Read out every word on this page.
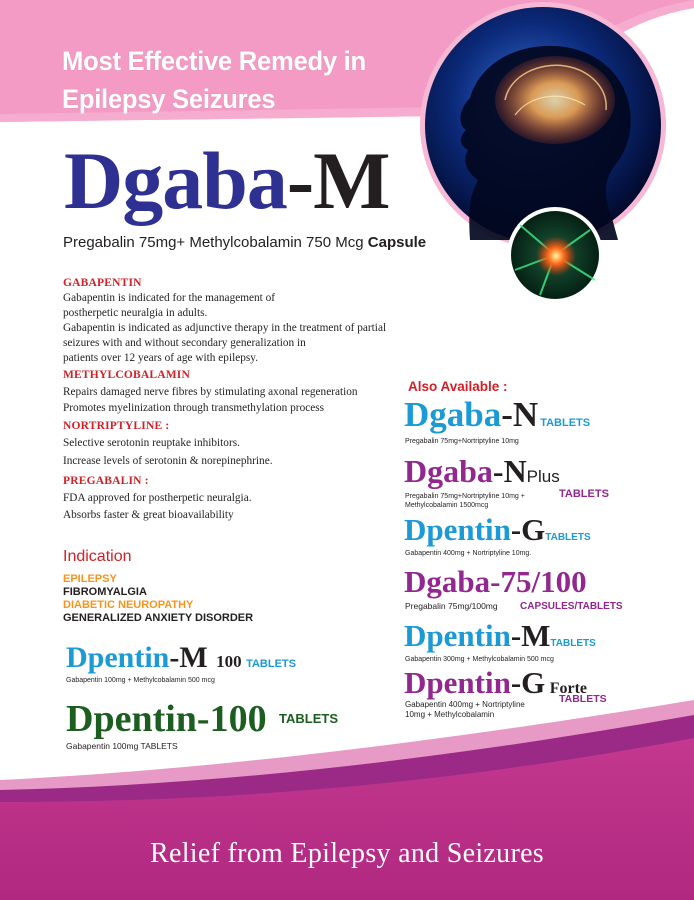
Most Effective Remedy in
Epilepsy Seizures
Dgaba-M
Pregabalin 75mg+ Methylcobalamin 750 Mcg Capsule
GABAPENTIN
Gabapentin is indicated for the management of
postherpetic neuralgia in adults.
Gabapentin is indicated as adjunctive therapy in the treatment of partial
seizures with and without secondary generalization in
patients over 12 years of age with epilepsy.
METHYLCOBALAMIN
Repairs damaged nerve fibres by stimulating axonal regeneration
Promotes myelinization through transmethylation process
NORTRIPTYLINE :
Selective serotonin reuptake inhibitors.
Increase levels of serotonin & norepinephrine.
PREGABALIN :
FDA approved for postherpetic neuralgia.
Absorbs faster & great bioavailability
Indication
EPILEPSY
FIBROMYALGIA
DIABETIC NEUROPATHY
GENERALIZED ANXIETY DISORDER
Dpentin-M 100 TABLETS
Gabapentin 100mg + Methylcobalamin 500 mcg
Dpentin-100 $^{TABLETS}$
Gabapentin 100mg TABLETS
Also Available :
Dgaba-N TABLETS
Pregabalin 75mg+Nortriptyline 10mg
Dgaba-NPlus
TABLETS
Pregabalin 75mg+Nortriptyline 10mg +
Methylcobalamin 1500mcg
Dpentin-GTABLETS
Gabapentin 400mg + Nortriptyline 10mg.
Dgaba-75/100
Pregabalin 75mg/100mg CAPSULES/TABLETS
Dpentin-MTABLETS
Gabapentin 300mg + Methylcobalamin 500 mcg
Dpentin-G Forte
TABLETS
Gabapentin 400mg + Nortriptyline
10mg + Methylcobalamin
Relief from Epilepsy and Seizures
